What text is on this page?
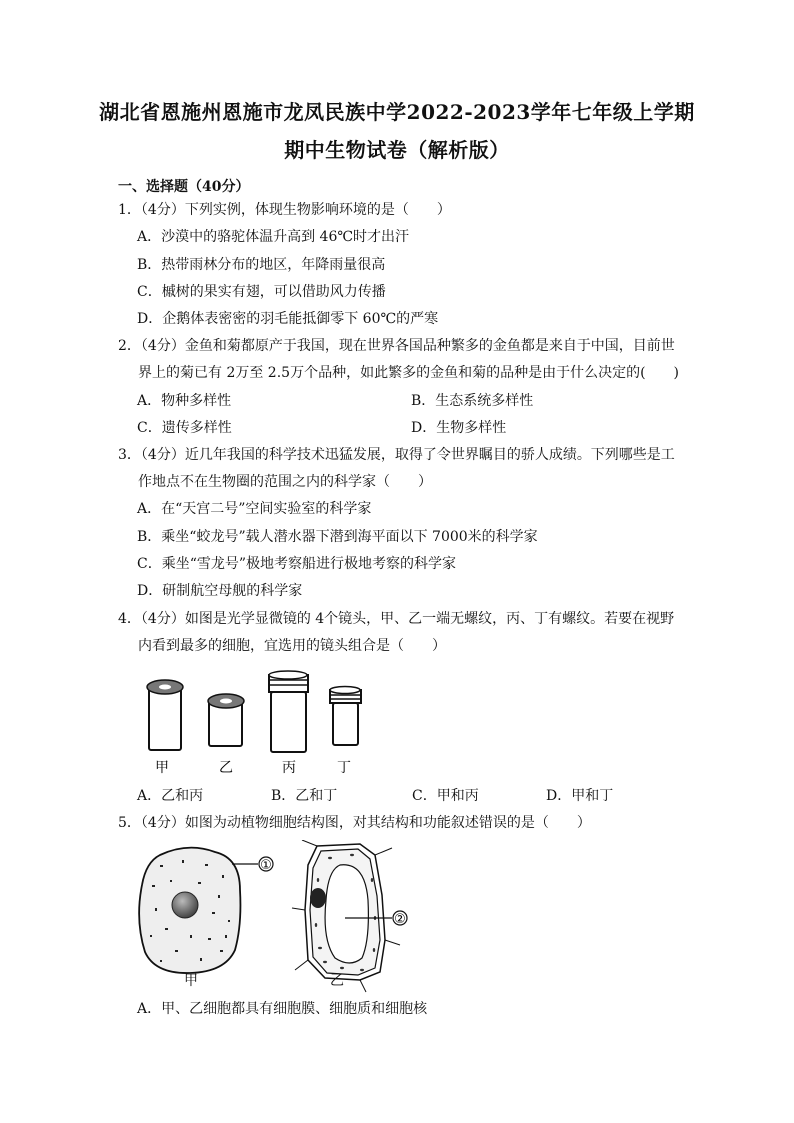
湖北省恩施州恩施市龙凤民族中学2022-2023学年七年级上学期
期中生物试卷（解析版）
一、选择题（40分）
1．（4分）下列实例，体现生物影响环境的是（　　）
A．沙漠中的骆驼体温升高到 46℃时才出汗
B．热带雨林分布的地区，年降雨量很高
C．槭树的果实有翅，可以借助风力传播
D．企鹅体表密密的羽毛能抵御零下 60℃的严寒
2．（4分）金鱼和菊都原产于我国，现在世界各国品种繁多的金鱼都是来自于中国，目前世
界上的菊已有 2万至 2.5万个品种，如此繁多的金鱼和菊的品种是由于什么决定的(　　)
A．物种多样性	B．生态系统多样性
C．遗传多样性	D．生物多样性
3．（4分）近几年我国的科学技术迅猛发展，取得了令世界瞩目的骄人成绩。下列哪些是工
作地点不在生物圈的范围之内的科学家（　　）
A．在“天宫二号”空间实验室的科学家
B．乘坐“蛟龙号”载人潜水器下潜到海平面以下 7000米的科学家
C．乘坐“雪龙号”极地考察船进行极地考察的科学家
D．研制航空母舰的科学家
4．（4分）如图是光学显微镜的 4个镜头，甲、乙一端无螺纹，丙、丁有螺纹。若要在视野
内看到最多的细胞，宜选用的镜头组合是（　　）
甲	乙	丙	丁
A．乙和丙	B．乙和丁	C．甲和丙	D．甲和丁
5．（4分）如图为动植物细胞结构图，对其结构和功能叙述错误的是（　　）
①
②
甲	乙
A．甲、乙细胞都具有细胞膜、细胞质和细胞核
